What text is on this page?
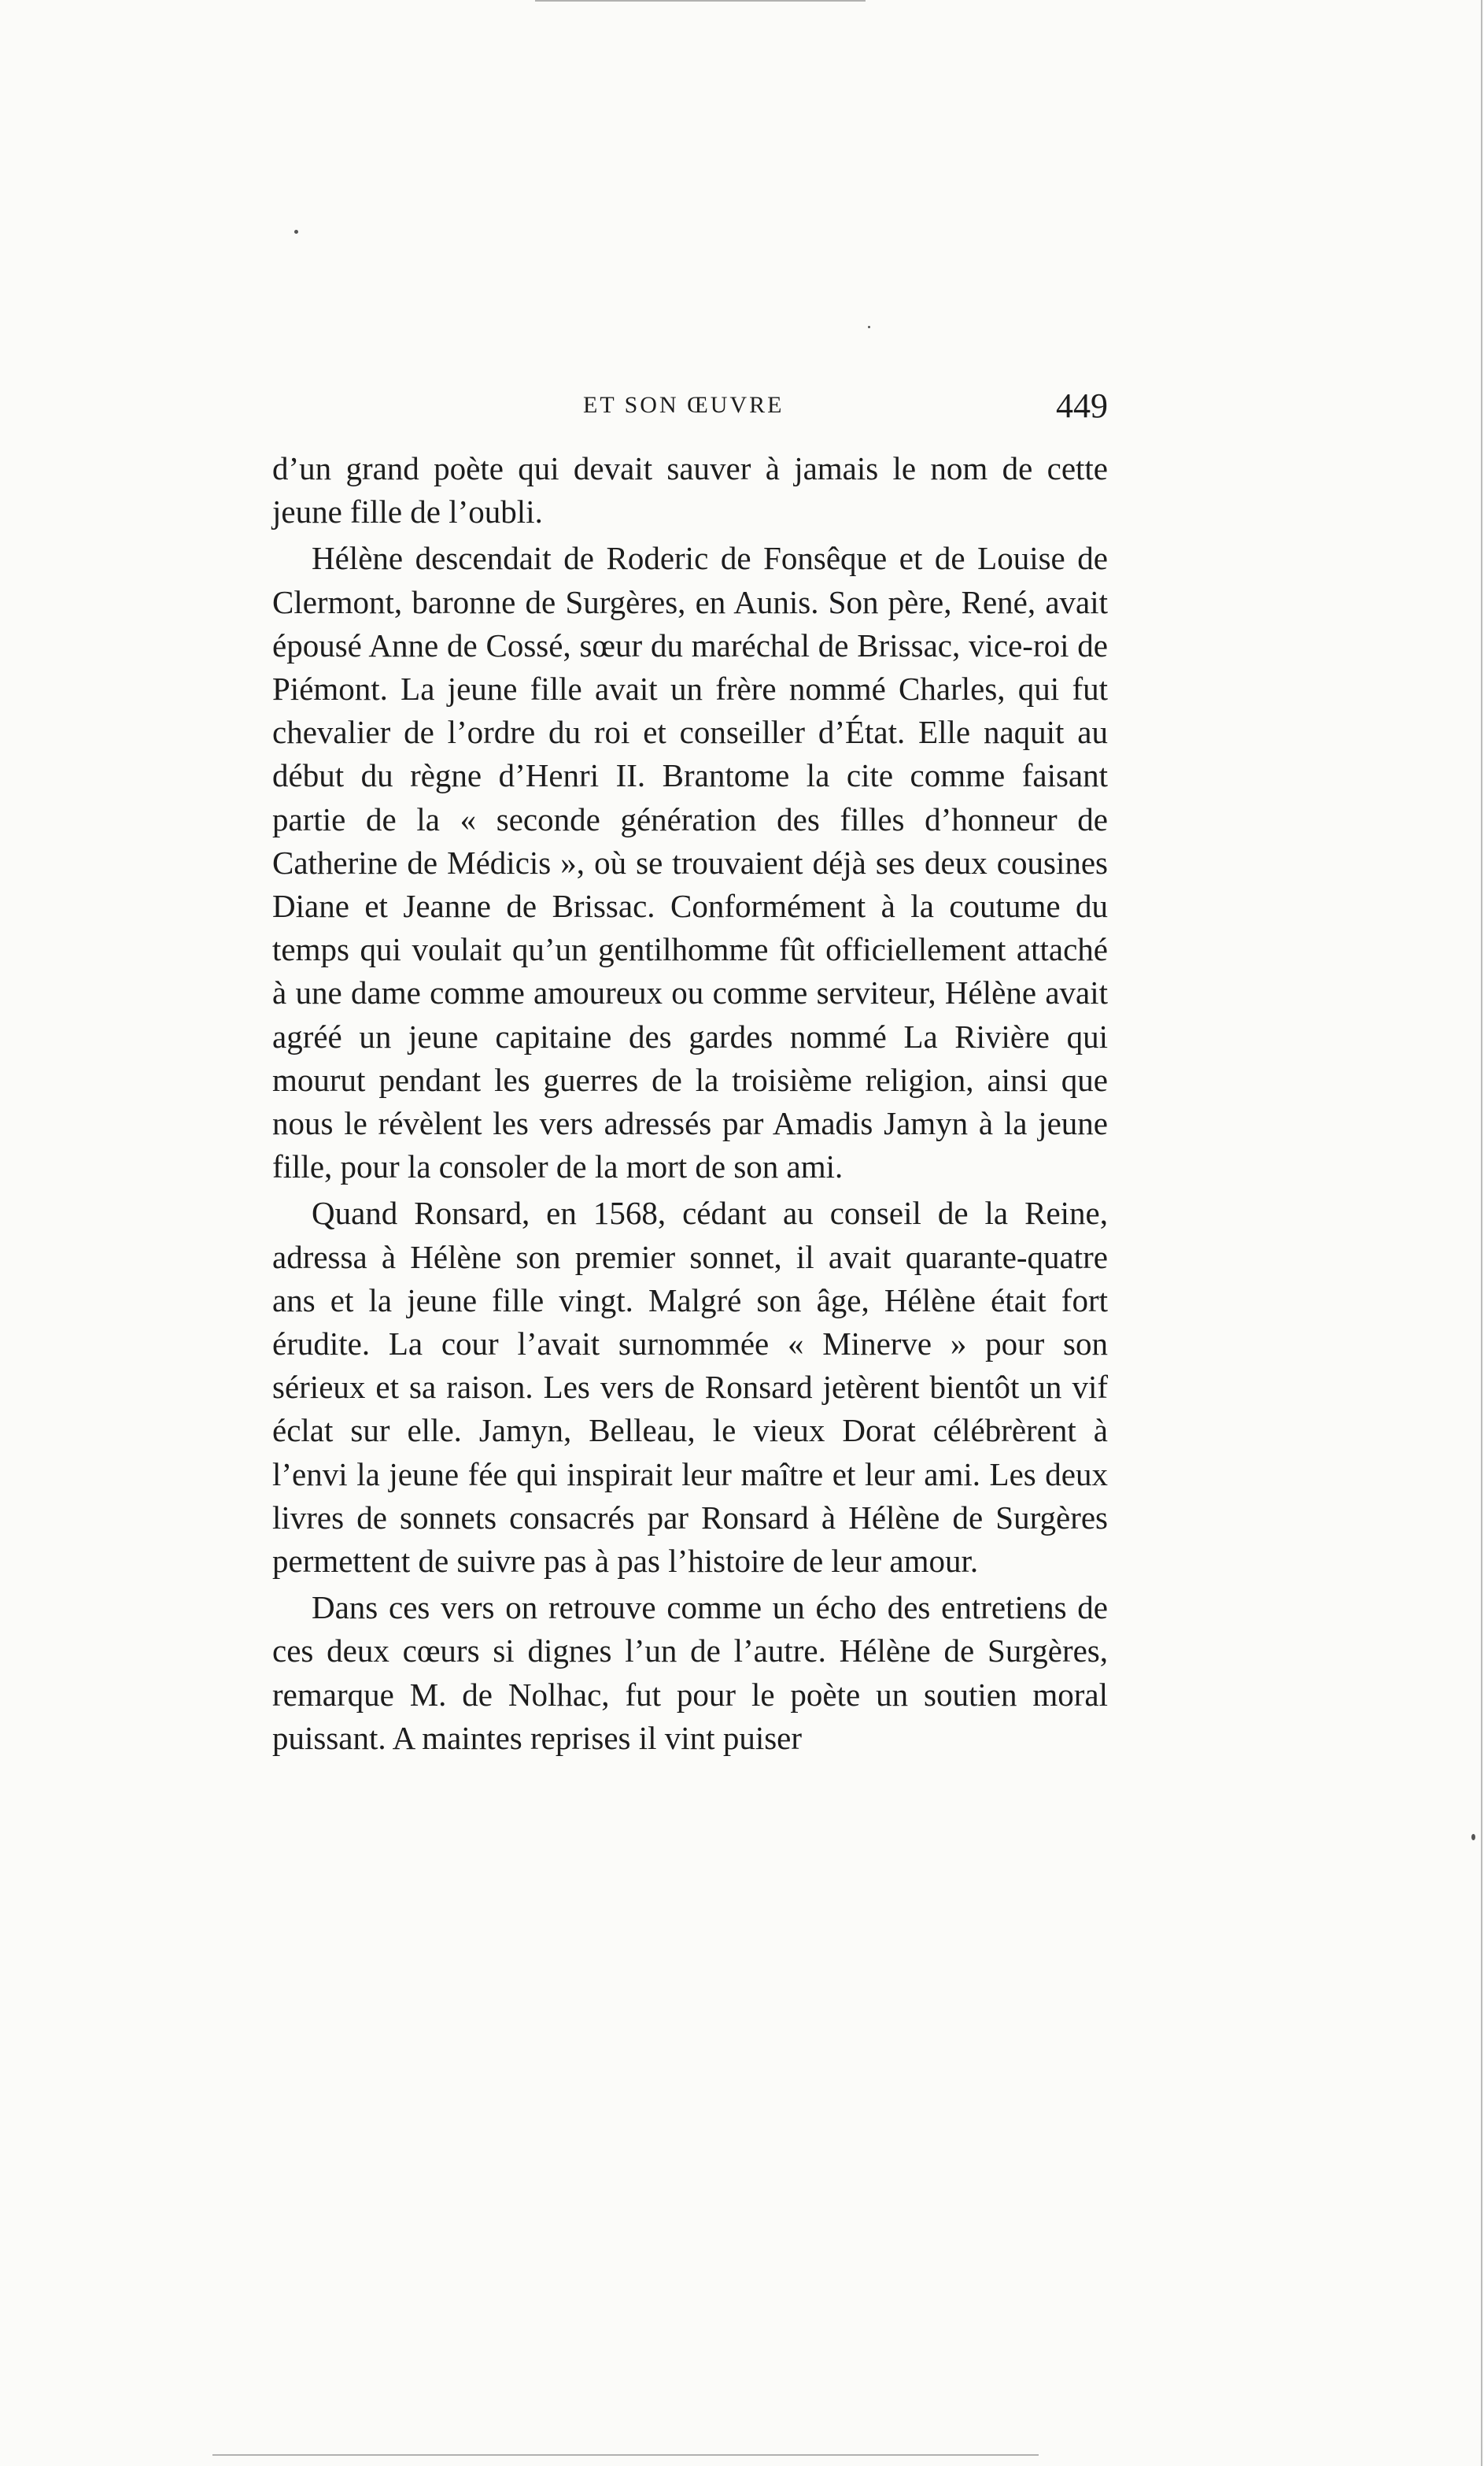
ET SON ŒUVRE	449

d’un grand poète qui devait sauver à jamais le nom de cette jeune fille de l’oubli.

Hélène descendait de Roderic de Fonsêque et de Louise de Clermont, baronne de Surgères, en Aunis. Son père, René, avait épousé Anne de Cossé, sœur du maréchal de Brissac, vice-roi de Piémont. La jeune fille avait un frère nommé Charles, qui fut chevalier de l’ordre du roi et conseiller d’État. Elle naquit au début du règne d’Henri II. Brantome la cite comme faisant partie de la « seconde génération des filles d’honneur de Catherine de Médicis », où se trouvaient déjà ses deux cousines Diane et Jeanne de Brissac. Conformément à la coutume du temps qui voulait qu’un gentilhomme fût officiellement attaché à une dame comme amoureux ou comme serviteur, Hélène avait agréé un jeune capitaine des gardes nommé La Rivière qui mourut pendant les guerres de la troisième religion, ainsi que nous le révèlent les vers adressés par Amadis Jamyn à la jeune fille, pour la consoler de la mort de son ami.

Quand Ronsard, en 1568, cédant au conseil de la Reine, adressa à Hélène son premier sonnet, il avait quarante-quatre ans et la jeune fille vingt. Malgré son âge, Hélène était fort érudite. La cour l’avait surnommée « Minerve » pour son sérieux et sa raison. Les vers de Ronsard jetèrent bientôt un vif éclat sur elle. Jamyn, Belleau, le vieux Dorat célébrèrent à l’envi la jeune fée qui inspirait leur maître et leur ami. Les deux livres de sonnets consacrés par Ronsard à Hélène de Surgères permettent de suivre pas à pas l’histoire de leur amour.

Dans ces vers on retrouve comme un écho des entretiens de ces deux cœurs si dignes l’un de l’autre. Hélène de Surgères, remarque M. de Nolhac, fut pour le poète un soutien moral puissant. A maintes reprises il vint puiser
